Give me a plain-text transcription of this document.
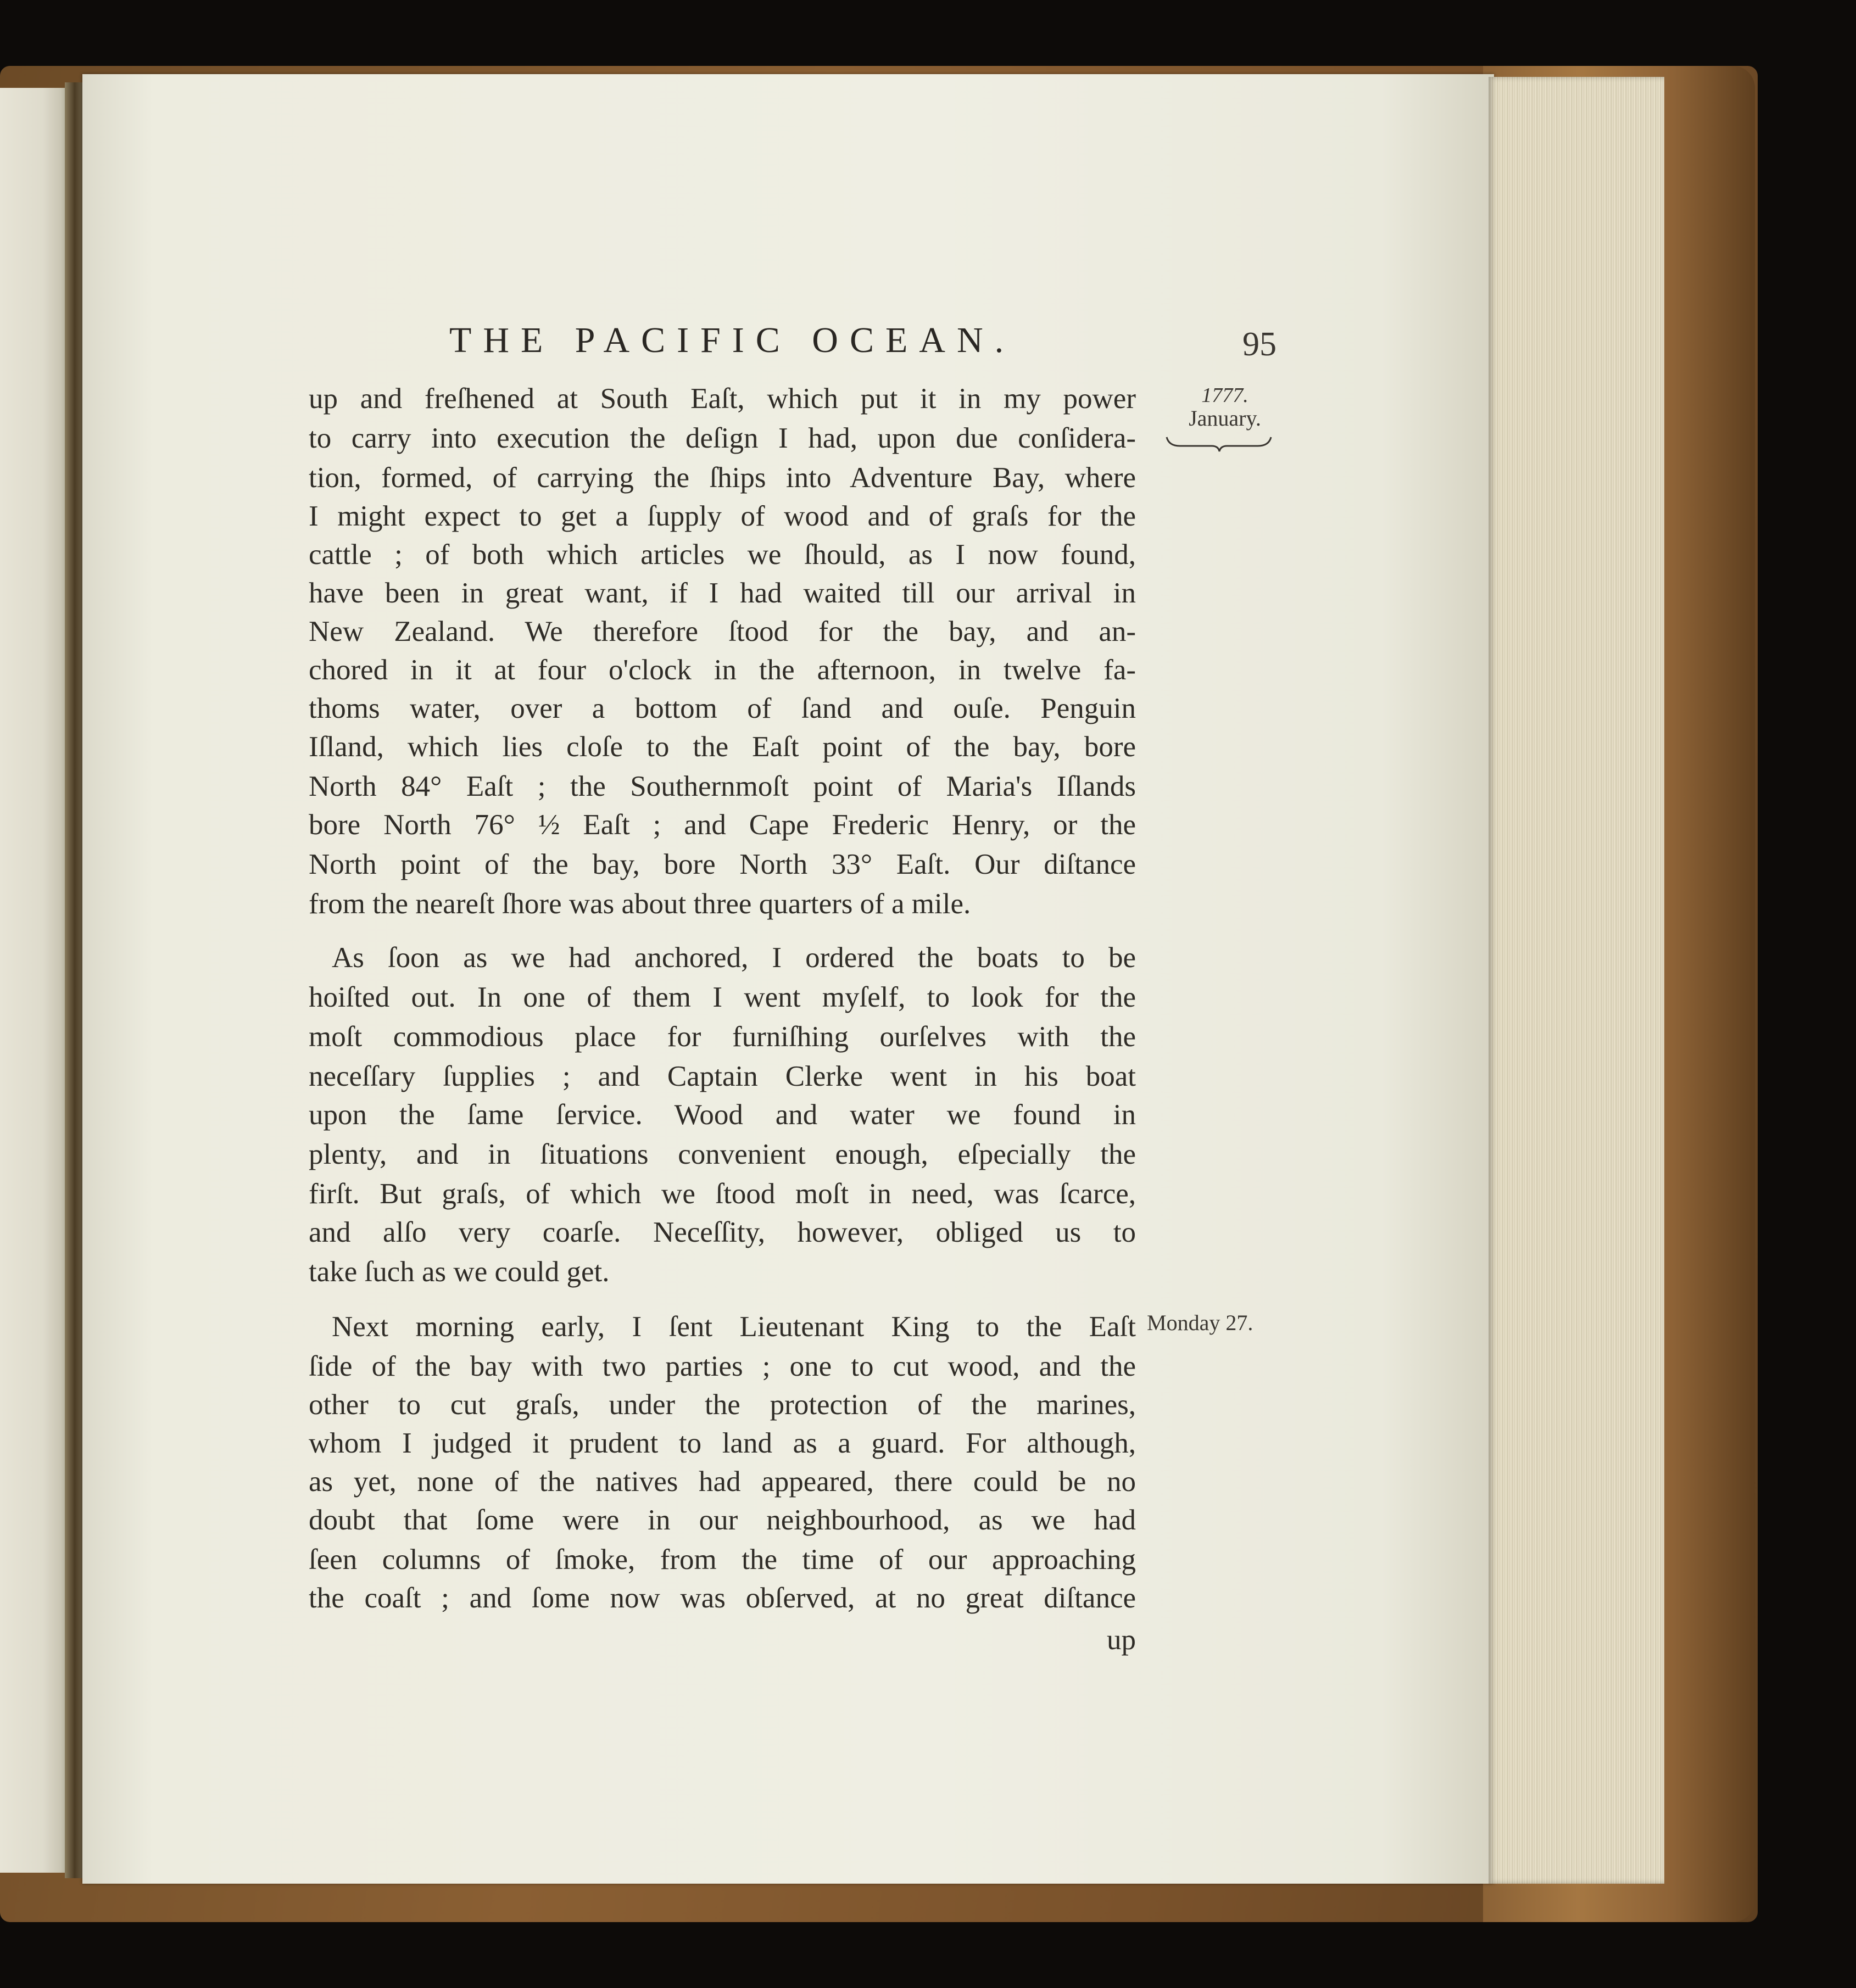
THE PACIFIC OCEAN.	95
1777.
January.
Monday 27.

up and freſhened at South Eaſt, which put it in my power

to carry into execution the deſign I had, upon due conſidera-

tion, formed, of carrying the ſhips into Adventure Bay, where

I might expect to get a ſupply of wood and of graſs for the

cattle ; of both which articles we ſhould, as I now found,

have been in great want, if I had waited till our arrival in

New Zealand. We therefore ſtood for the bay, and an-

chored in it at four o'clock in the afternoon, in twelve fa-

thoms water, over a bottom of ſand and ouſe. Penguin

Iſland, which lies cloſe to the Eaſt point of the bay, bore

North 84° Eaſt ; the Southernmoſt point of Maria's Iſlands

bore North 76° ½ Eaſt ; and Cape Frederic Henry, or the

North point of the bay, bore North 33° Eaſt. Our diſtance

from the neareſt ſhore was about three quarters of a mile.

As ſoon as we had anchored, I ordered the boats to be

hoiſted out. In one of them I went myſelf, to look for the

moſt commodious place for furniſhing ourſelves with the

neceſſary ſupplies ; and Captain Clerke went in his boat

upon the ſame ſervice. Wood and water we found in

plenty, and in ſituations convenient enough, eſpecially the

firſt. But graſs, of which we ſtood moſt in need, was ſcarce,

and alſo very coarſe. Neceſſity, however, obliged us to

take ſuch as we could get.

Next morning early, I ſent Lieutenant King to the Eaſt

ſide of the bay with two parties ; one to cut wood, and the

other to cut graſs, under the protection of the marines,

whom I judged it prudent to land as a guard. For although,

as yet, none of the natives had appeared, there could be no

doubt that ſome were in our neighbourhood, as we had

ſeen columns of ſmoke, from the time of our approaching

the coaſt ; and ſome now was obſerved, at no great diſtance

up
